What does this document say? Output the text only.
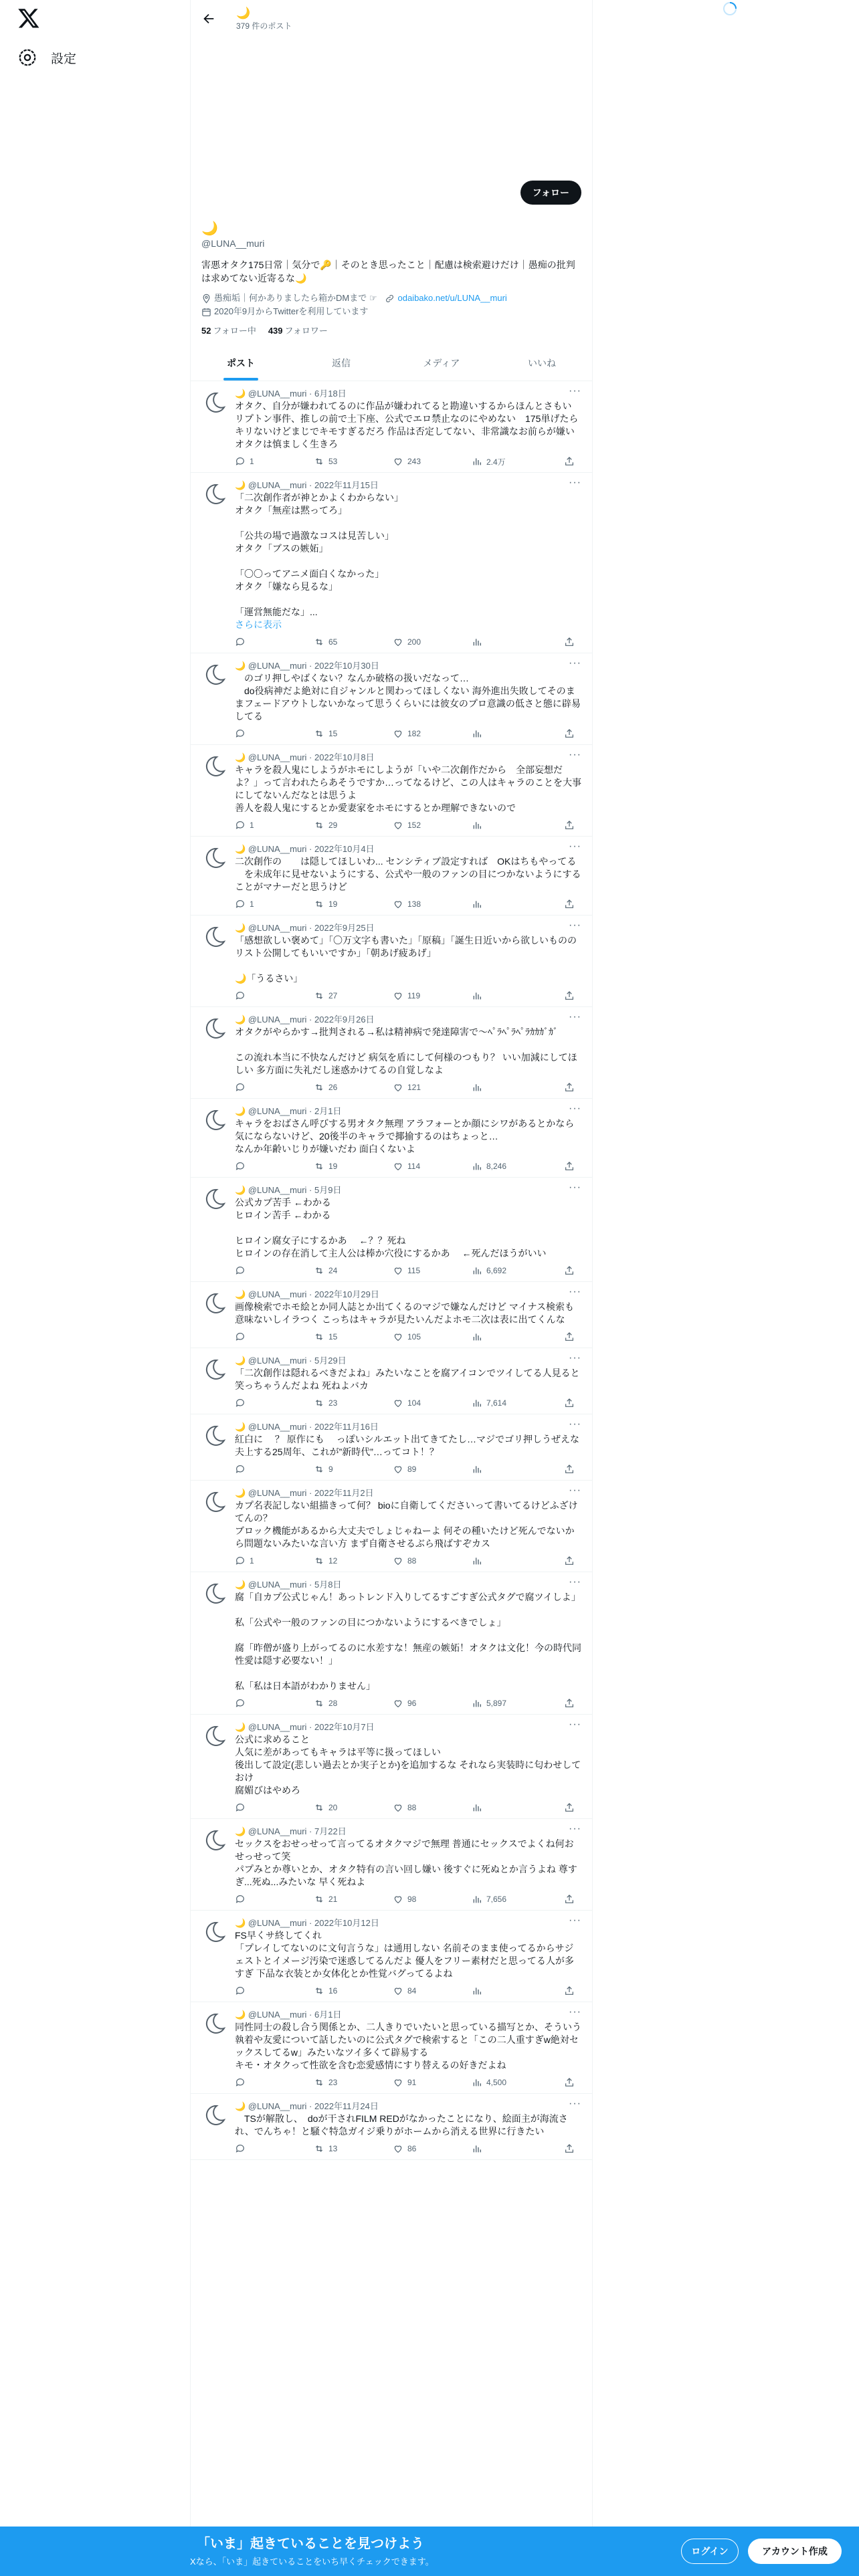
設定
🌙
379 件のポスト
フォロー
🌙
@LUNA__muri
害悪オタク175日常｜気分で🔑｜そのとき思ったこと｜配慮は検索避けだけ｜愚痴の批判は求めてない近寄るな🌙
愚痴垢｜何かありましたら箱かDMまで ☞ odaibako.net/u/LUNA__muri
2020年9月からTwitterを利用しています
52 フォロー中 439 フォロワー
ポスト	返信	メディア	いいね
···
🌙 @LUNA__muri · 6月18日
オタク、自分が嫌われてるのに作品が嫌われてると勘違いするからほんとさもい
リプトン事件、推しの前で土下座、公式でエロ禁止なのにやめない　175単げたらキリないけどまじでキモすぎるだろ 作品は否定してない、非常識なお前らが嫌い オタクは慎ましく生きろ
1	53	243	2.4万
···
🌙 @LUNA__muri · 2022年11月15日
「二次創作者が神とかよくわからない」
オタク「無産は黙ってろ」

「公共の場で過激なコスは見苦しい」
オタク「ブスの嫉妬」

「〇〇ってアニメ面白くなかった」
オタク「嫌なら見るな」

「運営無能だな」...
さらに表示
65	200
···
🌙 @LUNA__muri · 2022年10月30日
　のゴリ押しやばくない？なんか破格の扱いだなって…
　do役病神だよ絶対に自ジャンルと関わってほしくない 海外進出失敗してそのままフェードアウトしないかなって思うくらいには彼女のプロ意識の低さと態に辟易してる
15	182
···
🌙 @LUNA__muri · 2022年10月8日
キャラを殺人鬼にしようがホモにしようが「いや二次創作だから　全部妄想だよ？」って言われたらあそうですか…ってなるけど、この人はキャラのことを大事にしてないんだなとは思うよ
善人を殺人鬼にするとか愛妻家をホモにするとか理解できないので
1	29	152
···
🌙 @LUNA__muri · 2022年10月4日
二次創作の　　は隠してほしいわ... センシティブ設定すれば　OKはちもやってる
　を未成年に見せないようにする、公式や一般のファンの目につかないようにすることがマナーだと思うけど
1	19	138
···
🌙 @LUNA__muri · 2022年9月25日
「感想欲しい褒めて」「〇万文字も書いた」「原稿」「誕生日近いから欲しいもののリスト公開してもいいですか」「朝あげ疲あげ」

🌙「うるさい」
27	119
···
🌙 @LUNA__muri · 2022年9月26日
オタクがやらかす→批判される→私は精神病で発達障害で〜ﾍﾟﾗﾍﾟﾗﾍﾟﾗｶｶｶﾞｶﾞ

この流れ本当に不快なんだけど 病気を盾にして何様のつもり？ いい加減にしてほしい 多方面に失礼だし迷惑かけてるの自覚しなよ
26	121
···
🌙 @LUNA__muri · 2月1日
キャラをおばさん呼びする男オタク無理 アラフォーとか顔にシワがあるとかなら気にならないけど、20後半のキャラで揶揄するのはちょっと…
なんか年齢いじりが嫌いだわ 面白くないよ
19	114	8,246
···
🌙 @LUNA__muri · 5月9日
公式カプ苦手 ←わかる
ヒロイン苦手 ←わかる

ヒロイン腐女子にするかあ　 ←？？死ね
ヒロインの存在消して主人公は棒か穴役にするかあ　 ←死んだほうがいい
24	115	6,692
···
🌙 @LUNA__muri · 2022年10月29日
画像検索でホモ絵とか同人誌とか出てくるのマジで嫌なんだけど マイナス検索も意味ないしイラつく こっちはキャラが見たいんだよホモ二次は表に出てくんな
15	105
···
🌙 @LUNA__muri · 5月29日
「二次創作は隠れるべきだよね」みたいなことを腐アイコンでツイしてる人見ると笑っちゃうんだよね 死ねよバカ
23	104	7,614
···
🌙 @LUNA__muri · 2022年11月16日
紅白に　 ？ 原作にも　 っぽいシルエット出てきてたし…マジでゴリ押しうぜえな
夫上する25周年、これが”新時代”…ってコト！？
9	89
···
🌙 @LUNA__muri · 2022年11月2日
カプ名表記しない組描きって何？ bioに自衛してくださいって書いてるけどふざけてんの？
ブロック機能があるから大丈夫でしょじゃねーよ 何その種いたけど死んでないから問題ないみたいな言い方 まず自衛させるぶら飛ばすぞカス
1	12	88
···
🌙 @LUNA__muri · 5月8日
腐「自カプ公式じゃん！あっトレンド入りしてるすごすぎ公式タグで腐ツイしよ」

私「公式や一般のファンの目につかないようにするべきでしょ」

腐「昨僧が盛り上がってるのに水差すな！無産の嫉妬！オタクは文化！今の時代同性愛は隠す必要ない！」

私「私は日本語がわかりません」
28	96	5,897
···
🌙 @LUNA__muri · 2022年10月7日
公式に求めること
人気に差があってもキャラは平等に扱ってほしい
後出して設定(悲しい過去とか実子とか)を追加するな それなら実装時に匂わせしておけ
腐媚びはやめろ
20	88
···
🌙 @LUNA__muri · 7月22日
セックスをおせっせって言ってるオタクマジで無理 普通にセックスでよくね何おせっせって笑
パプみとか尊いとか、オタク特有の言い回し嫌い 後すぐに死ぬとか言うよね 尊すぎ...死ぬ...みたいな 早く死ねよ
21	98	7,656
···
🌙 @LUNA__muri · 2022年10月12日
FS早くサ終してくれ
「プレイしてないのに文句言うな」は通用しない 名前そのまま使ってるからサジェストとイメージ汚染で迷惑してるんだよ 優人をフリー素材だと思ってる人が多すぎ 下品な衣装とか女体化とか性覚バグってるよね
16	84
···
🌙 @LUNA__muri · 6月1日
同性同士の殺し合う関係とか、二人きりでいたいと思っている描写とか、そういう執着や友愛について話したいのに公式タグで検索すると「この二人重すぎw絶対セックスしてるw」みたいなツイ多くて辟易する
キモ・オタクって性欲を含む恋愛感情にすり替えるの好きだよね
23	91	4,500
···
🌙 @LUNA__muri · 2022年11月24日
　TSが解散し、　doが干されFILM REDがなかったことになり、絵面主が海流され、でんちゃ！と騒ぐ特急ガイジ乗りがホームから消える世界に行きたい
13	86
「いま」起きていることを見つけよう
Xなら、「いま」起きていることをいち早くチェックできます。
ログイン	アカウント作成
